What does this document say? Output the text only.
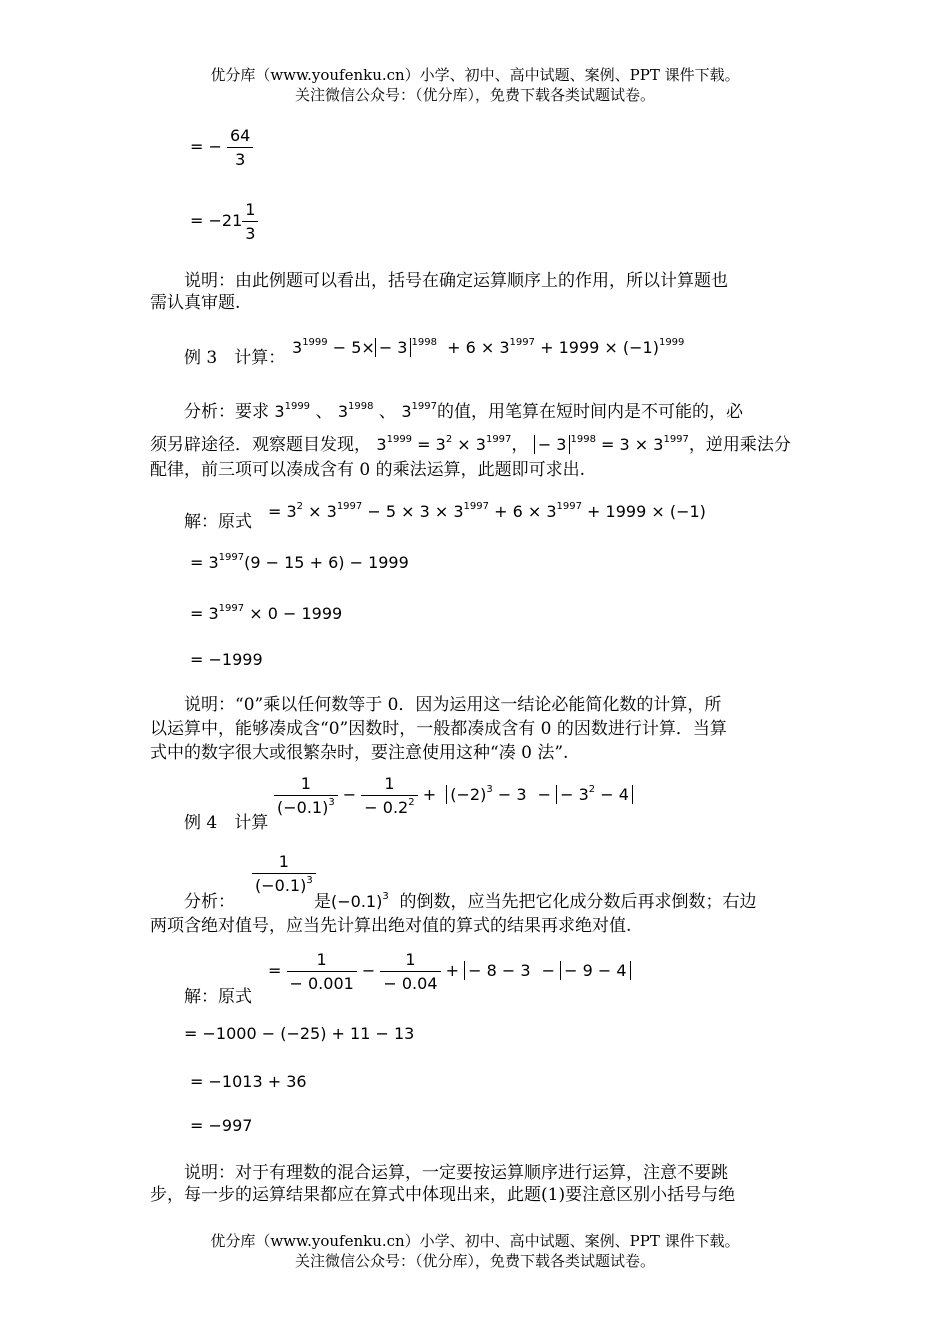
优分库（www.youfenku.cn）小学、初中、高中试题、案例、PPT 课件下载。
关注微信公众号：（优分库），免费下载各类试题试卷。
= − $\frac{64}{3}$
= $-21 \frac{1}{3}$
说明：由此例题可以看出，括号在确定运算顺序上的作用，所以计算题也
需认真审题.
例 3　计算：
$3^{1999} - 5\times - 3$ $^{1998} + 6 \times 3^{1997} + 1999 \times (-1)^{1999}$
分析：要求 $3^{1999}$ 、 $3^{1998}$ 、 $3^{1997}$的值，用笔算在短时间内是不可能的，必
须另辟途径．观察题目发现， $3^{1999} = 3^2 \times 3^{1997}$， − 3 $^{1998} = 3 \times 3^{1997}$，逆用乘法分
配律，前三项可以凑成含有 0 的乘法运算，此题即可求出.
解：原式
= $3^2 \times 3^{1997} - 5 \times 3 \times 3^{1997} + 6 \times 3^{1997} + 1999 \times (-1)$
= $3^{1997}(9 - 15 + 6) - 1999$
= $3^{1997} \times 0 - 1999$
= −1999
说明：“0”乘以任何数等于 0．因为运用这一结论必能简化数的计算，所
以运算中，能够凑成含“0”因数时，一般都凑成含有 0 的因数进行计算．当算
式中的数字很大或很繁杂时，要注意使用这种“凑 0 法”.
例 4　计算
$\frac{1}{(-0.1)^3} - \frac{1}{- 0.2^2} + (-2)^3 - 3$ − − $3^2 - 4$
分析：
$\frac{1}{(-0.1)^3}$
是$(-0.1)^3$ 的倒数，应当先把它化成分数后再求倒数；右边
两项含绝对值号，应当先计算出绝对值的算式的结果再求绝对值.
解：原式
= $\frac{1}{- 0.001} - \frac{1}{- 0.04}$ + − 8 − 3 − − 9 − 4
= −1000 − (−25) + 11 − 13
= −1013 + 36
= −997
说明：对于有理数的混合运算，一定要按运算顺序进行运算，注意不要跳
步，每一步的运算结果都应在算式中体现出来，此题(1)要注意区别小括号与绝
优分库（www.youfenku.cn）小学、初中、高中试题、案例、PPT 课件下载。
关注微信公众号：（优分库），免费下载各类试题试卷。
